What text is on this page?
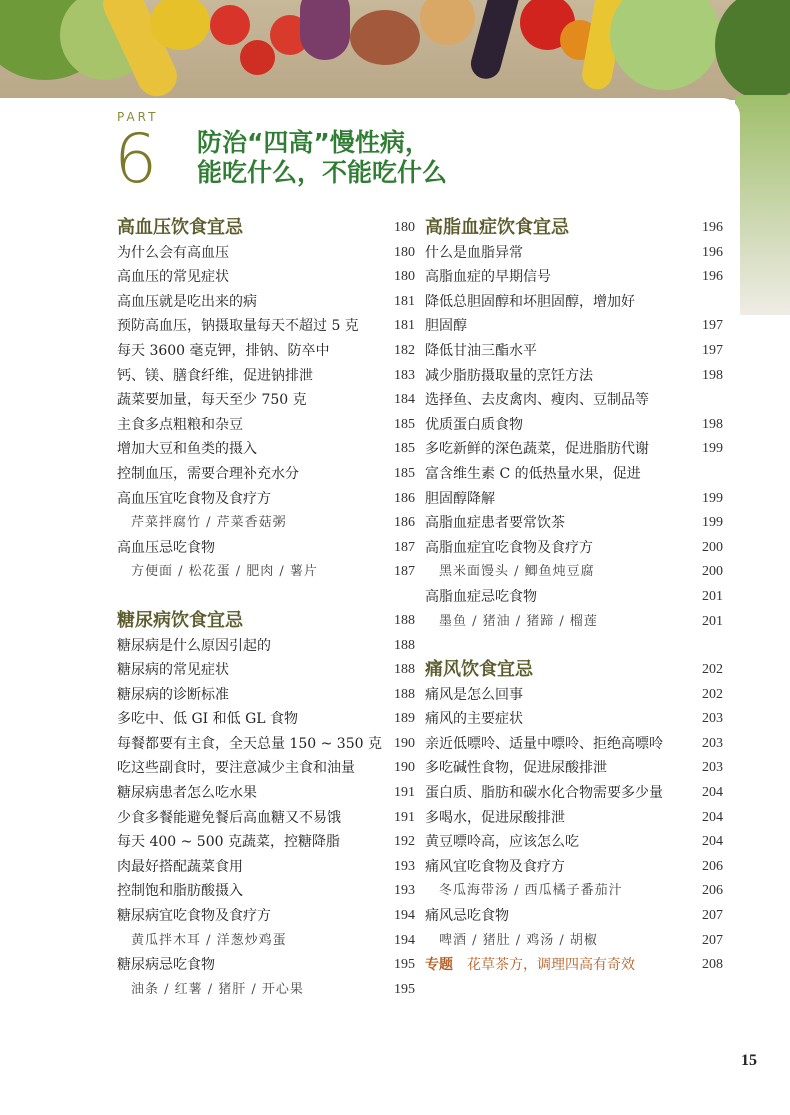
PART
6 防治“四高”慢性病，
能吃什么，不能吃什么
高血压饮食宜忌	180
为什么会有高血压	180
高血压的常见症状	180
高血压就是吃出来的病	181
预防高血压，钠摄取量每天不超过 5 克	181
每天 3600 毫克钾，排钠、防卒中	182
钙、镁、膳食纤维，促进钠排泄	183
蔬菜要加量，每天至少 750 克	184
主食多点粗粮和杂豆	185
增加大豆和鱼类的摄入	185
控制血压，需要合理补充水分	185
高血压宜吃食物及食疗方	186
芹菜拌腐竹 / 芹菜香菇粥	186
高血压忌吃食物	187
方便面 / 松花蛋 / 肥肉 / 薯片	187
糖尿病饮食宜忌	188
糖尿病是什么原因引起的	188
糖尿病的常见症状	188
糖尿病的诊断标准	188
多吃中、低 GI 和低 GL 食物	189
每餐都要有主食，全天总量 150 ~ 350 克 190
吃这些副食时，要注意减少主食和油量	190
糖尿病患者怎么吃水果	191
少食多餐能避免餐后高血糖又不易饿	191
每天 400 ~ 500 克蔬菜，控糖降脂	192
肉最好搭配蔬菜食用	193
控制饱和脂肪酸摄入	193
糖尿病宜吃食物及食疗方	194
黄瓜拌木耳 / 洋葱炒鸡蛋	194
糖尿病忌吃食物	195
油条 / 红薯 / 猪肝 / 开心果	195
高脂血症饮食宜忌	196
什么是血脂异常	196
高脂血症的早期信号	196
降低总胆固醇和坏胆固醇，增加好
胆固醇	197
降低甘油三酯水平	197
减少脂肪摄取量的烹饪方法	198
选择鱼、去皮禽肉、瘦肉、豆制品等
优质蛋白质食物	198
多吃新鲜的深色蔬菜，促进脂肪代谢	199
富含维生素 C 的低热量水果，促进
胆固醇降解	199
高脂血症患者要常饮茶	199
高脂血症宜吃食物及食疗方	200
黑米面馒头 / 鲫鱼炖豆腐	200
高脂血症忌吃食物	201
墨鱼 / 猪油 / 猪蹄 / 榴莲	201
痛风饮食宜忌	202
痛风是怎么回事	202
痛风的主要症状	203
亲近低嘌呤、适量中嘌呤、拒绝高嘌呤	203
多吃碱性食物，促进尿酸排泄	203
蛋白质、脂肪和碳水化合物需要多少量	204
多喝水，促进尿酸排泄	204
黄豆嘌呤高，应该怎么吃	204
痛风宜吃食物及食疗方	206
冬瓜海带汤 / 西瓜橘子番茄汁	206
痛风忌吃食物	207
啤酒 / 猪肚 / 鸡汤 / 胡椒	207
专题 花草茶方，调理四高有奇效	208
15
